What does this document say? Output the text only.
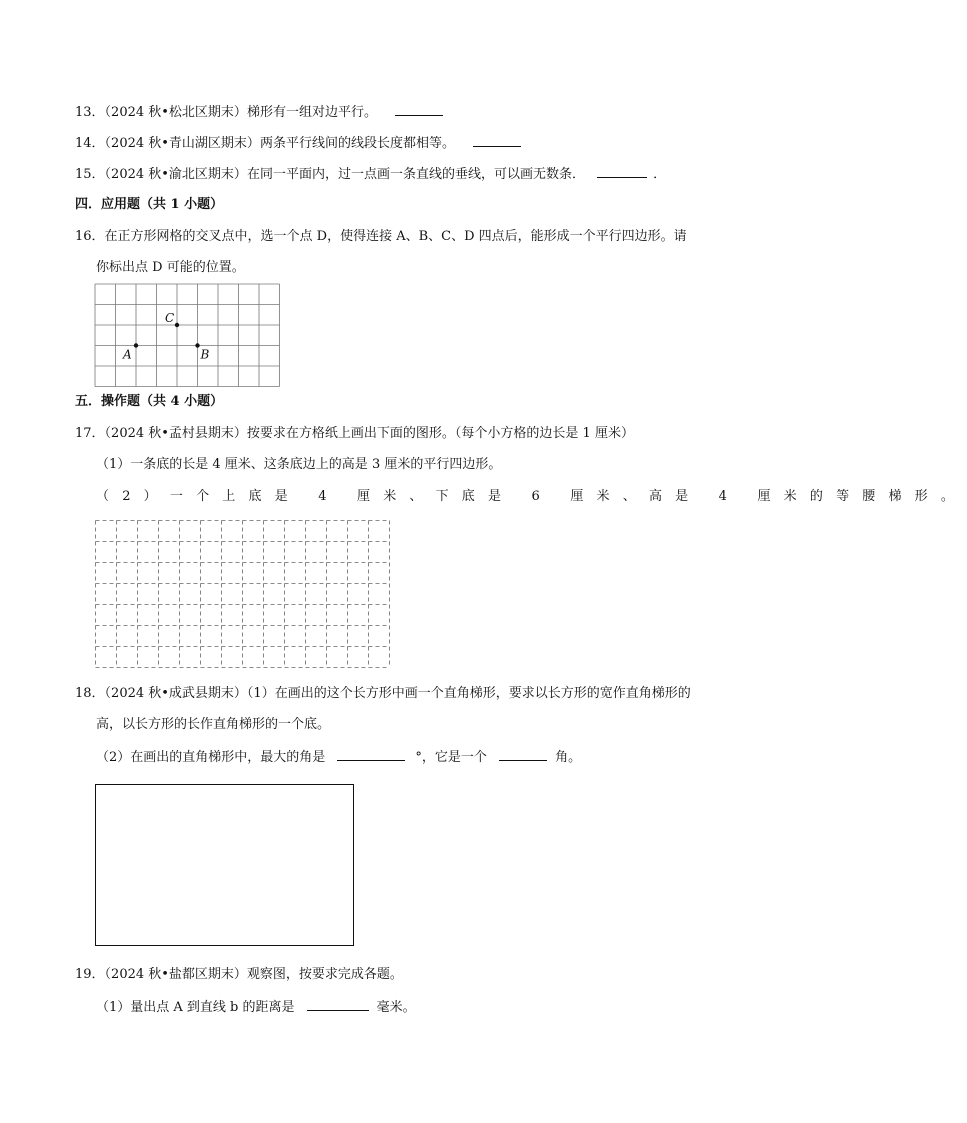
13．（2024 秋•松北区期末）梯形有一组对边平行。
14．（2024 秋•青山湖区期末）两条平行线间的线段长度都相等。
15．（2024 秋•渝北区期末）在同一平面内，过一点画一条直线的垂线，可以画无数条．	．
四．应用题（共 1 小题）
16．在正方形网格的交叉点中，选一个点 D，使得连接 A、B、C、D 四点后，能形成一个平行四边形。请
你标出点 D 可能的位置。
A	B
C
五．操作题（共 4 小题）
17．（2024 秋•孟村县期末）按要求在方格纸上画出下面的图形。（每个小方格的边长是 1 厘米）
（1）一条底的长是 4 厘米、这条底边上的高是 3 厘米的平行四边形。
（2）一个上底是 4 厘米、下底是 6 厘米、高是 4 厘米的等腰梯形。
18．（2024 秋•成武县期末）（1）在画出的这个长方形中画一个直角梯形，要求以长方形的宽作直角梯形的
高，以长方形的长作直角梯形的一个底。
（2）在画出的直角梯形中，最大的角是	°，它是一个	角。
19．（2024 秋•盐都区期末）观察图，按要求完成各题。
（1）量出点 A 到直线 b 的距离是	毫米。
